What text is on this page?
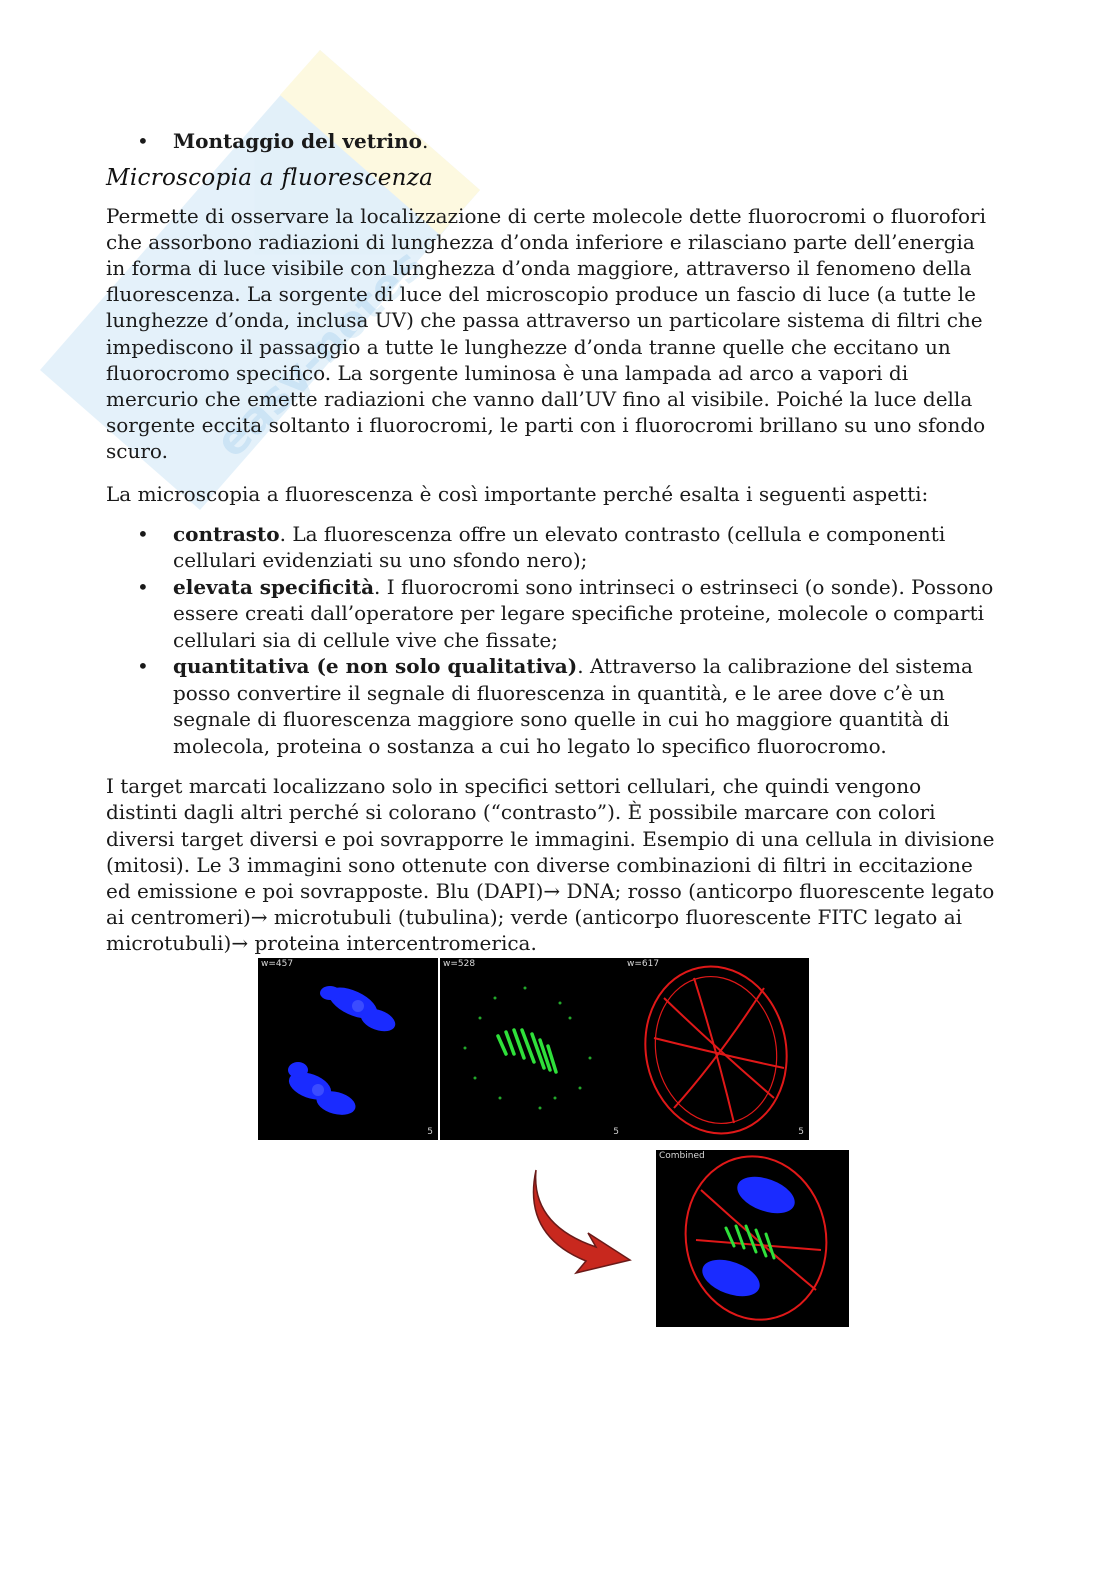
easy-notes
• Montaggio del vetrino.
Microscopia a fluorescenza

Permette di osservare la localizzazione di certe molecole dette fluorocromi o fluorofori che assorbono radiazioni di lunghezza d’onda inferiore e rilasciano parte dell’energia in forma di luce visibile con lunghezza d’onda maggiore, attraverso il fenomeno della fluorescenza. La sorgente di luce del microscopio produce un fascio di luce (a tutte le lunghezze d’onda, inclusa UV) che passa attraverso un particolare sistema di filtri che impediscono il passaggio a tutte le lunghezze d’onda tranne quelle che eccitano un fluorocromo specifico. La sorgente luminosa è una lampada ad arco a vapori di mercurio che emette radiazioni che vanno dall’UV fino al visibile. Poiché la luce della sorgente eccita soltanto i fluorocromi, le parti con i fluorocromi brillano su uno sfondo scuro.

La microscopia a fluorescenza è così importante perché esalta i seguenti aspetti:

• contrasto. La fluorescenza offre un elevato contrasto (cellula e componenti cellulari evidenziati su uno sfondo nero);
• elevata specificità. I fluorocromi sono intrinseci o estrinseci (o sonde). Possono essere creati dall’operatore per legare specifiche proteine, molecole o comparti cellulari sia di cellule vive che fissate;
• quantitativa (e non solo qualitativa). Attraverso la calibrazione del sistema posso convertire il segnale di fluorescenza in quantità, e le aree dove c’è un segnale di fluorescenza maggiore sono quelle in cui ho maggiore quantità di molecola, proteina o sostanza a cui ho legato lo specifico fluorocromo.

I target marcati localizzano solo in specifici settori cellulari, che quindi vengono distinti dagli altri perché si colorano (“contrasto”). È possibile marcare con colori diversi target diversi e poi sovrapporre le immagini. Esempio di una cellula in divisione (mitosi). Le 3 immagini sono ottenute con diverse combinazioni di filtri in eccitazione ed emissione e poi sovrapposte. Blu (DAPI)→ DNA; rosso (anticorpo fluorescente legato ai centromeri)→ microtubuli (tubulina); verde (anticorpo fluorescente FITC legato ai microtubuli)→ proteina intercentromerica.

w=457
5
w=528
5
w=617
5
Combined
